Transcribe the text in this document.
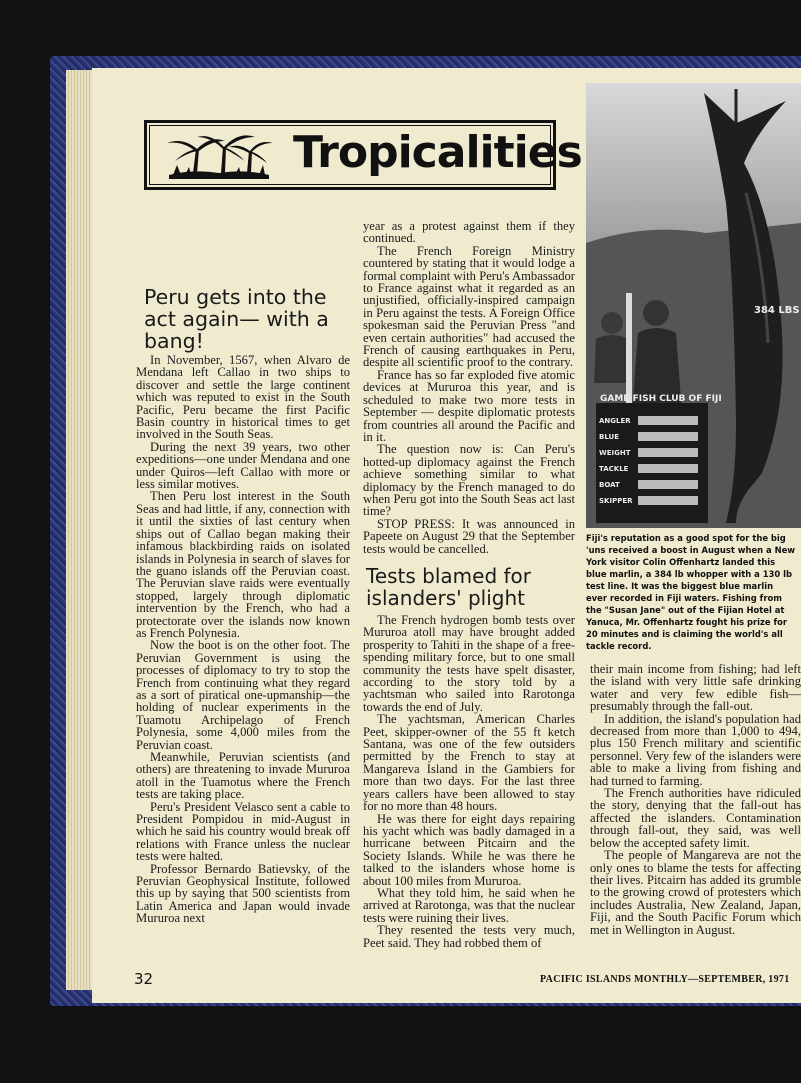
Tropicalities
Peru gets into the act again— with a bang!

In November, 1567, when Alvaro de Mendana left Callao in two ships to discover and settle the large continent which was reputed to exist in the South Pacific, Peru became the first Pacific Basin country in historical times to get involved in the South Seas.

During the next 39 years, two other expeditions—one under Mendana and one under Quiros—left Callao with more or less similar motives.

Then Peru lost interest in the South Seas and had little, if any, connection with it until the sixties of last century when ships out of Callao began making their infamous blackbirding raids on isolated islands in Polynesia in search of slaves for the guano islands off the Peruvian coast. The Peruvian slave raids were eventually stopped, largely through diplomatic intervention by the French, who had a protectorate over the islands now known as French Polynesia.

Now the boot is on the other foot. The Peruvian Government is using the processes of diplomacy to try to stop the French from continuing what they regard as a sort of piratical one-upmanship—the holding of nuclear experiments in the Tuamotu Archipelago of French Polynesia, some 4,000 miles from the Peruvian coast.

Meanwhile, Peruvian scientists (and others) are threatening to invade Mururoa atoll in the Tuamotus where the French tests are taking place.

Peru's President Velasco sent a cable to President Pompidou in mid-August in which he said his country would break off relations with France unless the nuclear tests were halted.

Professor Bernardo Batievsky, of the Peruvian Geophysical Institute, followed this up by saying that 500 scientists from Latin America and Japan would invade Mururoa next

year as a protest against them if they continued.

The French Foreign Ministry countered by stating that it would lodge a formal complaint with Peru's Ambassador to France against what it regarded as an unjustified, officially-inspired campaign in Peru against the tests. A Foreign Office spokesman said the Peruvian Press "and even certain authorities" had accused the French of causing earthquakes in Peru, despite all scientific proof to the contrary.

France has so far exploded five atomic devices at Mururoa this year, and is scheduled to make two more tests in September — despite diplomatic protests from countries all around the Pacific and in it.

The question now is: Can Peru's hotted-up diplomacy against the French achieve something similar to what diplomacy by the French managed to do when Peru got into the South Seas act last time?

STOP PRESS: It was announced in Papeete on August 29 that the September tests would be cancelled.

Tests blamed for islanders' plight

The French hydrogen bomb tests over Mururoa atoll may have brought added prosperity to Tahiti in the shape of a free-spending military force, but to one small community the tests have spelt disaster, according to the story told by a yachtsman who sailed into Rarotonga towards the end of July.

The yachtsman, American Charles Peet, skipper-owner of the 55 ft ketch Santana, was one of the few outsiders permitted by the French to stay at Mangareva Island in the Gambiers for more than two days. For the last three years callers have been allowed to stay for no more than 48 hours.

He was there for eight days repairing his yacht which was badly damaged in a hurricane between Pitcairn and the Society Islands. While he was there he talked to the islanders whose home is about 100 miles from Mururoa.

What they told him, he said when he arrived at Rarotonga, was that the nuclear tests were ruining their lives.

They resented the tests very much, Peet said. They had robbed them of

their main income from fishing; had left the island with very little safe drinking water and very few edible fish—presumably through the fall-out.

In addition, the island's population had decreased from more than 1,000 to 494, plus 150 French military and scientific personnel. Very few of the islanders were able to make a living from fishing and had turned to farming.

The French authorities have ridiculed the story, denying that the fall-out has affected the islanders. Contamination through fall-out, they said, was well below the accepted safety limit.

The people of Mangareva are not the only ones to blame the tests for affecting their lives. Pitcairn has added its grumble to the growing crowd of protesters which includes Australia, New Zealand, Japan, Fiji, and the South Pacific Forum which met in Wellington in August.

GAME FISH CLUB OF FIJI
ANGLER
BLUE
WEIGHT
TACKLE
BOAT
SKIPPER
384 LBS
Fiji's reputation as a good spot for the big 'uns received a boost in August when a New York visitor Colin Offenhartz landed this blue marlin, a 384 lb whopper with a 130 lb test line. It was the biggest blue marlin ever recorded in Fiji waters. Fishing from the "Susan Jane" out of the Fijian Hotel at Yanuca, Mr. Offenhartz fought his prize for 20 minutes and is claiming the world's all tackle record.
32	PACIFIC ISLANDS MONTHLY—SEPTEMBER, 1971
